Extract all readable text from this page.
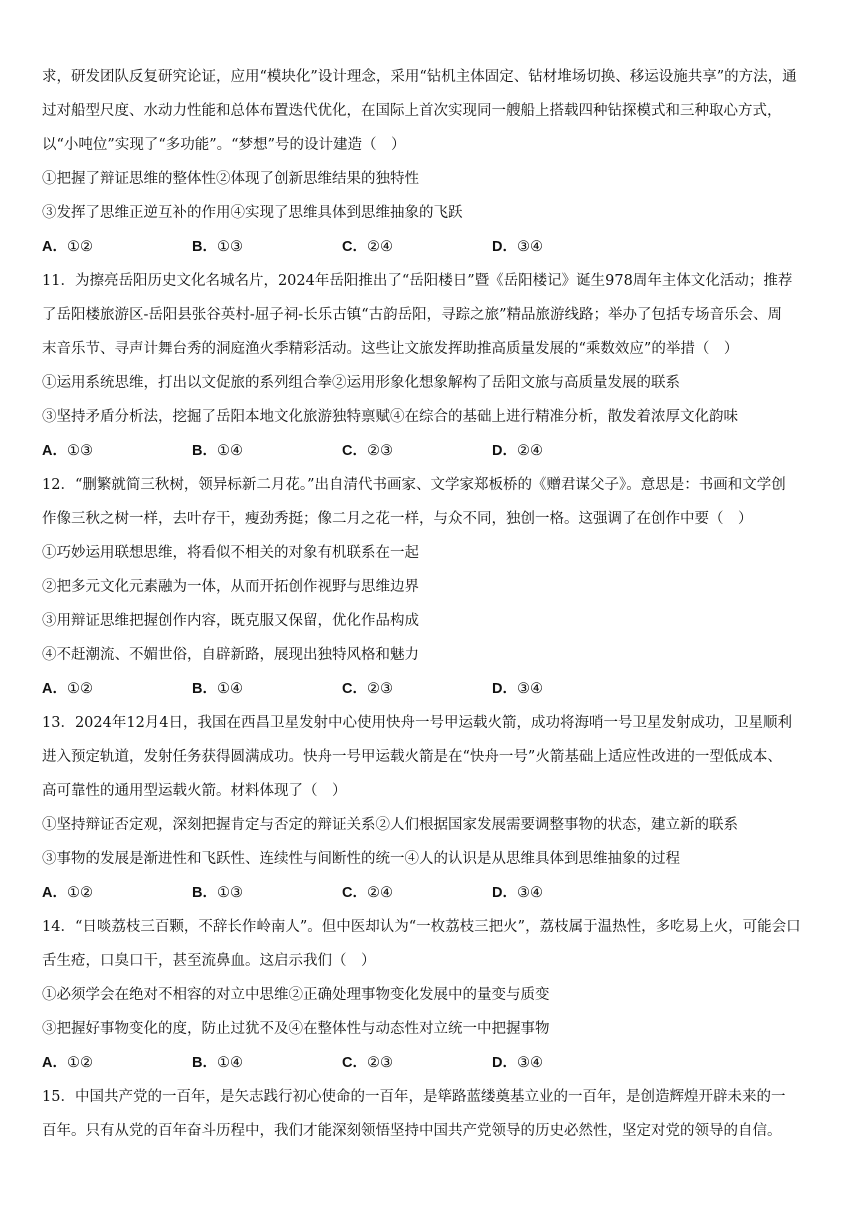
求，研发团队反复研究论证，应用“模块化”设计理念，采用“钻机主体固定、钻材堆场切换、移运设施共享”的方法，通
过对船型尺度、水动力性能和总体布置迭代优化，在国际上首次实现同一艘船上搭载四种钻探模式和三种取心方式，
以“小吨位”实现了“多功能”。“梦想”号的设计建造（　）
①把握了辩证思维的整体性②体现了创新思维结果的独特性
③发挥了思维正逆互补的作用④实现了思维具体到思维抽象的飞跃
A．①②	B．①③	C．②④	D．③④
11．为擦亮岳阳历史文化名城名片，2024年岳阳推出了“岳阳楼日”暨《岳阳楼记》诞生978周年主体文化活动；推荐
了岳阳楼旅游区-岳阳县张谷英村-屈子祠-长乐古镇“古韵岳阳，寻踪之旅”精品旅游线路；举办了包括专场音乐会、周
末音乐节、寻声计舞台秀的洞庭渔火季精彩活动。这些让文旅发挥助推高质量发展的“乘数效应”的举措（　）
①运用系统思维，打出以文促旅的系列组合拳②运用形象化想象解构了岳阳文旅与高质量发展的联系
③坚持矛盾分析法，挖掘了岳阳本地文化旅游独特禀赋④在综合的基础上进行精准分析，散发着浓厚文化韵味
A．①③	B．①④	C．②③	D．②④
12．“删繁就简三秋树，领异标新二月花。”出自清代书画家、文学家郑板桥的《赠君谋父子》。意思是：书画和文学创
作像三秋之树一样，去叶存干，瘦劲秀挺；像二月之花一样，与众不同，独创一格。这强调了在创作中要（　）
①巧妙运用联想思维，将看似不相关的对象有机联系在一起
②把多元文化元素融为一体，从而开拓创作视野与思维边界
③用辩证思维把握创作内容，既克服又保留，优化作品构成
④不赶潮流、不媚世俗，自辟新路，展现出独特风格和魅力
A．①②	B．①④	C．②③	D．③④
13．2024年12月4日，我国在西昌卫星发射中心使用快舟一号甲运载火箭，成功将海哨一号卫星发射成功，卫星顺利
进入预定轨道，发射任务获得圆满成功。快舟一号甲运载火箭是在“快舟一号”火箭基础上适应性改进的一型低成本、
高可靠性的通用型运载火箭。材料体现了（　）
①坚持辩证否定观，深刻把握肯定与否定的辩证关系②人们根据国家发展需要调整事物的状态，建立新的联系
③事物的发展是渐进性和飞跃性、连续性与间断性的统一④人的认识是从思维具体到思维抽象的过程
A．①②	B．①③	C．②④	D．③④
14．“日啖荔枝三百颗，不辞长作岭南人”。但中医却认为“一枚荔枝三把火”，荔枝属于温热性，多吃易上火，可能会口
舌生疮，口臭口干，甚至流鼻血。这启示我们（　）
①必须学会在绝对不相容的对立中思维②正确处理事物变化发展中的量变与质变
③把握好事物变化的度，防止过犹不及④在整体性与动态性对立统一中把握事物
A．①②	B．①④	C．②③	D．③④
15．中国共产党的一百年，是矢志践行初心使命的一百年，是筚路蓝缕奠基立业的一百年，是创造辉煌开辟未来的一
百年。只有从党的百年奋斗历程中，我们才能深刻领悟坚持中国共产党领导的历史必然性，坚定对党的领导的自信。
